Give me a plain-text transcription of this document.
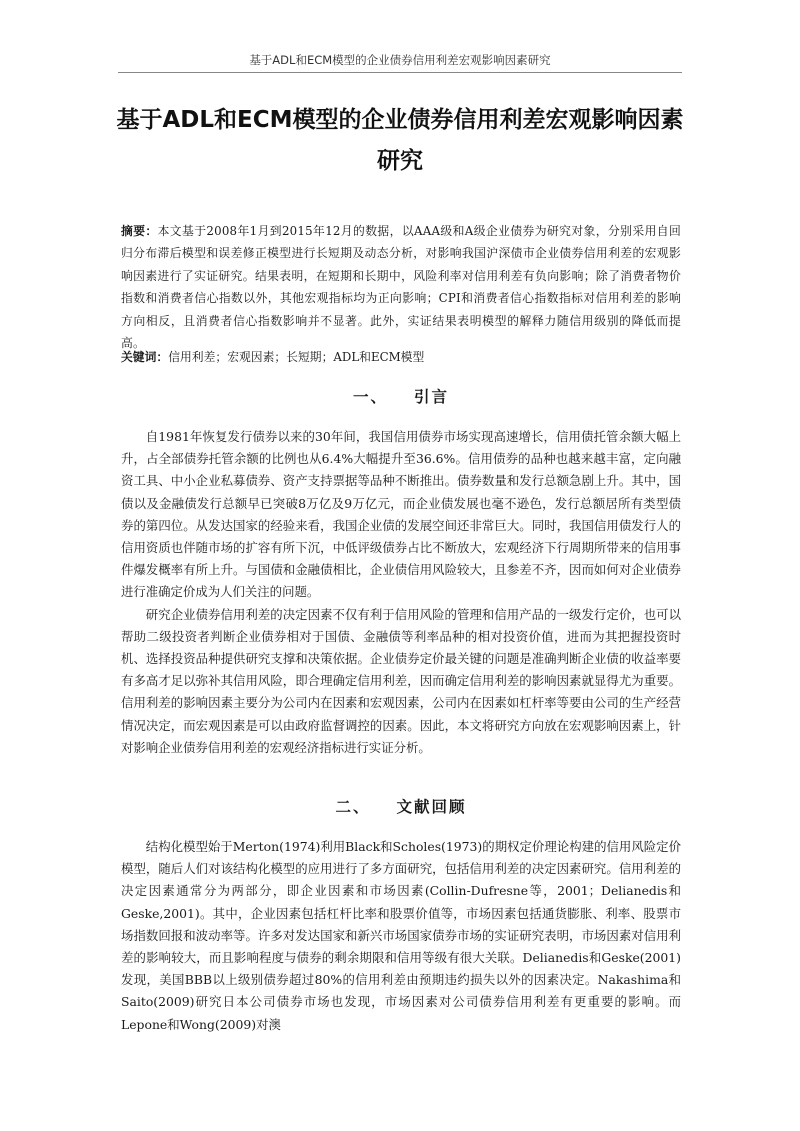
基于ADL和ECM模型的企业债券信用利差宏观影响因素研究
基于ADL和ECM模型的企业债券信用利差宏观影响因素研究
摘要：本文基于2008年1月到2015年12月的数据，以AAA级和A级企业债券为研究对象，分别采用自回归分布滞后模型和误差修正模型进行长短期及动态分析，对影响我国沪深债市企业债券信用利差的宏观影响因素进行了实证研究。结果表明，在短期和长期中，风险利率对信用利差有负向影响；除了消费者物价指数和消费者信心指数以外，其他宏观指标均为正向影响；CPI和消费者信心指数指标对信用利差的影响方向相反，且消费者信心指数影响并不显著。此外，实证结果表明模型的解释力随信用级别的降低而提高。
关键词：信用利差；宏观因素；长短期；ADL和ECM模型
一、 引言

自1981年恢复发行债券以来的30年间，我国信用债券市场实现高速增长，信用债托管余额大幅上升，占全部债券托管余额的比例也从6.4%大幅提升至36.6%。信用债券的品种也越来越丰富，定向融资工具、中小企业私募债券、资产支持票据等品种不断推出。债券数量和发行总额急剧上升。其中，国债以及金融债发行总额早已突破8万亿及9万亿元，而企业债发展也毫不逊色，发行总额居所有类型债券的第四位。从发达国家的经验来看，我国企业债的发展空间还非常巨大。同时，我国信用债发行人的信用资质也伴随市场的扩容有所下沉，中低评级债券占比不断放大，宏观经济下行周期所带来的信用事件爆发概率有所上升。与国债和金融债相比，企业债信用风险较大，且参差不齐，因而如何对企业债券进行准确定价成为人们关注的问题。

研究企业债券信用利差的决定因素不仅有利于信用风险的管理和信用产品的一级发行定价，也可以帮助二级投资者判断企业债券相对于国债、金融债等利率品种的相对投资价值，进而为其把握投资时机、选择投资品种提供研究支撑和决策依据。企业债券定价最关键的问题是准确判断企业债的收益率要有多高才足以弥补其信用风险，即合理确定信用利差，因而确定信用利差的影响因素就显得尤为重要。信用利差的影响因素主要分为公司内在因素和宏观因素，公司内在因素如杠杆率等要由公司的生产经营情况决定，而宏观因素是可以由政府监督调控的因素。因此，本文将研究方向放在宏观影响因素上，针对影响企业债券信用利差的宏观经济指标进行实证分析。

二、 文献回顾

结构化模型始于Merton(1974)利用Black和Scholes(1973)的期权定价理论构建的信用风险定价模型，随后人们对该结构化模型的应用进行了多方面研究，包括信用利差的决定因素研究。信用利差的决定因素通常分为两部分，即企业因素和市场因素(Collin-Dufresne等，2001；Delianedis和Geske,2001)。其中，企业因素包括杠杆比率和股票价值等，市场因素包括通货膨胀、利率、股票市场指数回报和波动率等。许多对发达国家和新兴市场国家债券市场的实证研究表明，市场因素对信用利差的影响较大，而且影响程度与债券的剩余期限和信用等级有很大关联。Delianedis和Geske(2001)发现，美国BBB以上级别债券超过80%的信用利差由预期违约损失以外的因素决定。Nakashima和Saito(2009)研究日本公司债券市场也发现，市场因素对公司债券信用利差有更重要的影响。而Lepone和Wong(2009)对澳
